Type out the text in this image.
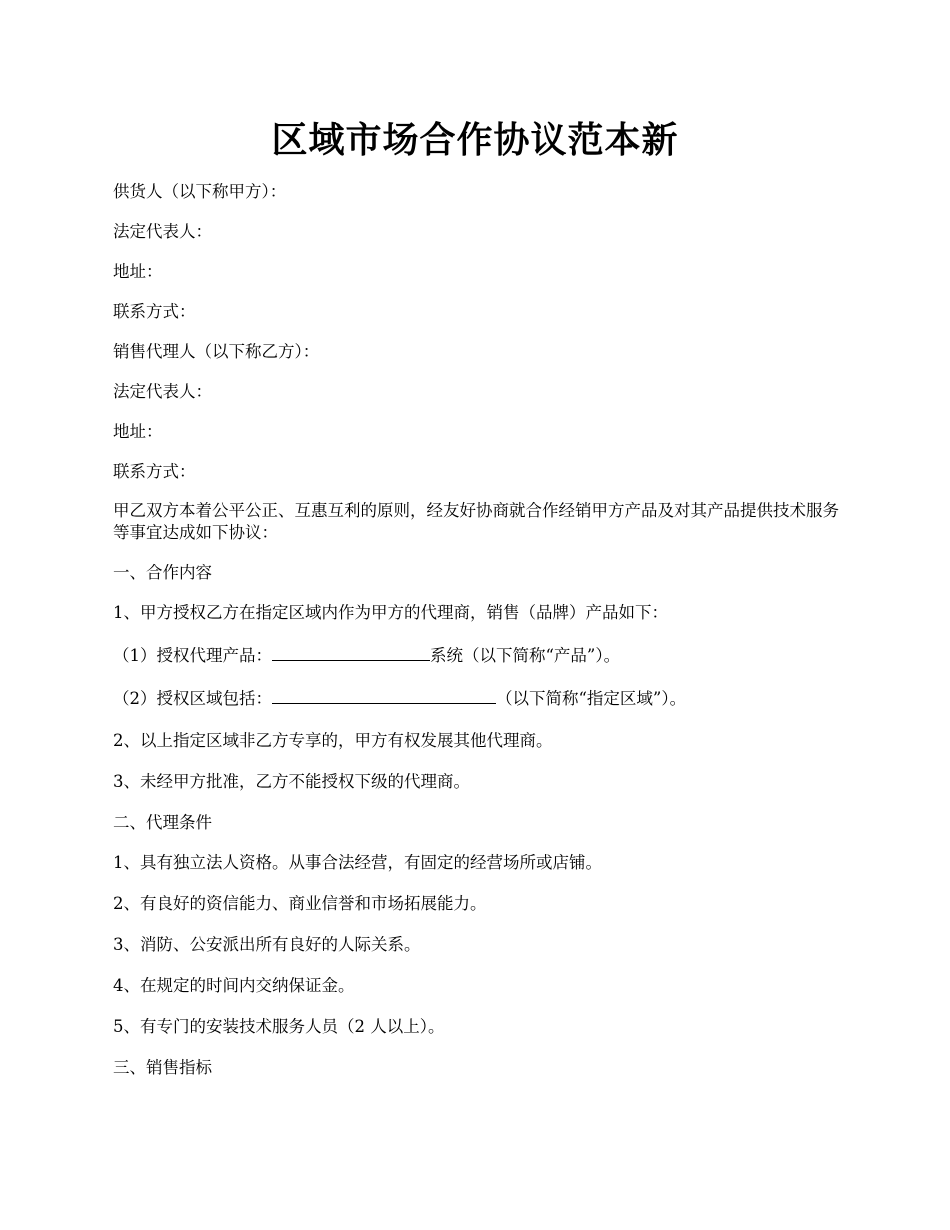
区域市场合作协议范本新

供货人（以下称甲方）：

法定代表人：

地址：

联系方式：

销售代理人（以下称乙方）：

法定代表人：

地址：

联系方式：

甲乙双方本着公平公正、互惠互利的原则，经友好协商就合作经销甲方产品及对其产品提供技术服务等事宜达成如下协议：

一、合作内容

1、甲方授权乙方在指定区域内作为甲方的代理商，销售（品牌）产品如下：

（1）授权代理产品：	系统（以下简称“产品”）。

（2）授权区域包括：	（以下简称“指定区域”）。

2、以上指定区域非乙方专享的，甲方有权发展其他代理商。

3、未经甲方批准，乙方不能授权下级的代理商。

二、代理条件

1、具有独立法人资格。从事合法经营，有固定的经营场所或店铺。

2、有良好的资信能力、商业信誉和市场拓展能力。

3、消防、公安派出所有良好的人际关系。

4、在规定的时间内交纳保证金。

5、有专门的安装技术服务人员（2 人以上）。

三、销售指标
